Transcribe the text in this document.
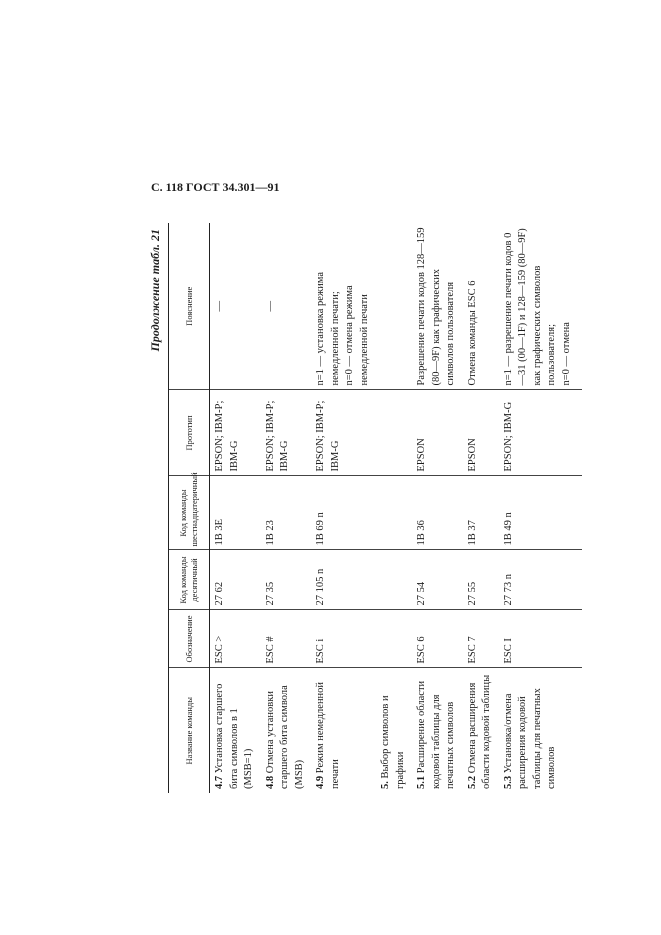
С. 118 ГОСТ 34.301—91
Продолжение табл. 21
Название команды	Обозначение	Код команды десятичный	Код команды шестнадцатеричный	Прототип	Пояснение
4.7 Установка старшего бита символов в 1 (MSB=1)	ESC >	27 62	1В 3Е	EPSON; IBM-P; IBM-G	—

4.8 Отмена установки старшего бита символа (MSB)	ESC #	27 35	1В 23	EPSON; IBM-P; IBM-G	—

4.9 Режим немедленной печати	ESC i	27 105 n	1В 69 n	EPSON; IBM-P; IBM-G	n=1 — установка режима немедленной печати; n=0 — отмена режима немедленной печати

5. Выбор символов и графики					
5.1 Расширение области кодовой таблицы для печатных символов	ESC 6	27 54	1В 36	EPSON	Разрешение печати кодов 128—159 (80—9F) как графических символов пользователя
5.2 Отмена расширения области кодовой таблицы	ESC 7	27 55	1В 37	EPSON	Отмена команды ESC 6
5.3 Установка/отмена расширения кодовой таблицы для печатных символов	ESC I	27 73 n	1В 49 n	EPSON; IBM-G	n=1 — разрешение печати кодов 0—31 (00—1F) и 128—159 (80—9F) как графических символов пользователя; n=0 — отмена
